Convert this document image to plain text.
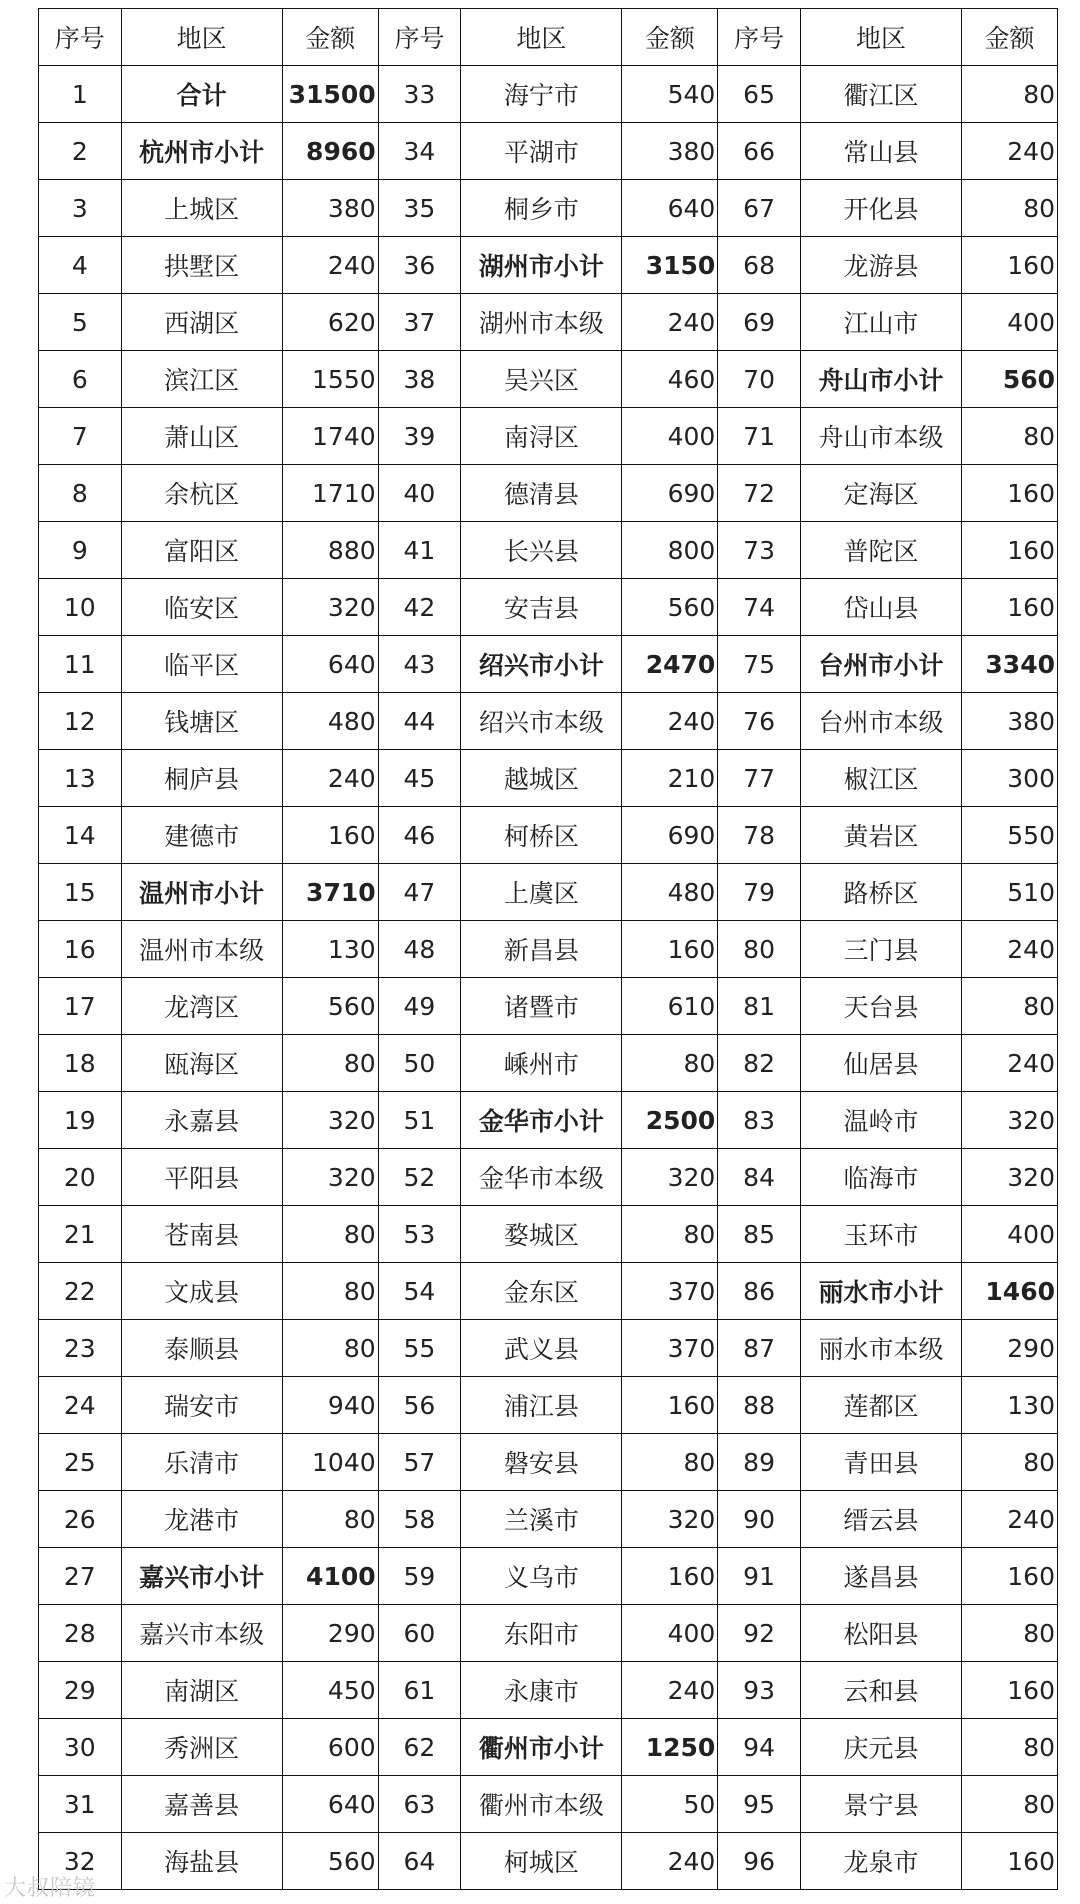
序号	地区	金额	序号	地区	金额	序号	地区	金额
1	合计	31500	33	海宁市	540	65	衢江区	80
2	杭州市小计	8960	34	平湖市	380	66	常山县	240
3	上城区	380	35	桐乡市	640	67	开化县	80
4	拱墅区	240	36	湖州市小计	3150	68	龙游县	160
5	西湖区	620	37	湖州市本级	240	69	江山市	400
6	滨江区	1550	38	吴兴区	460	70	舟山市小计	560
7	萧山区	1740	39	南浔区	400	71	舟山市本级	80
8	余杭区	1710	40	德清县	690	72	定海区	160
9	富阳区	880	41	长兴县	800	73	普陀区	160
10	临安区	320	42	安吉县	560	74	岱山县	160
11	临平区	640	43	绍兴市小计	2470	75	台州市小计	3340
12	钱塘区	480	44	绍兴市本级	240	76	台州市本级	380
13	桐庐县	240	45	越城区	210	77	椒江区	300
14	建德市	160	46	柯桥区	690	78	黄岩区	550
15	温州市小计	3710	47	上虞区	480	79	路桥区	510
16	温州市本级	130	48	新昌县	160	80	三门县	240
17	龙湾区	560	49	诸暨市	610	81	天台县	80
18	瓯海区	80	50	嵊州市	80	82	仙居县	240
19	永嘉县	320	51	金华市小计	2500	83	温岭市	320
20	平阳县	320	52	金华市本级	320	84	临海市	320
21	苍南县	80	53	婺城区	80	85	玉环市	400
22	文成县	80	54	金东区	370	86	丽水市小计	1460
23	泰顺县	80	55	武义县	370	87	丽水市本级	290
24	瑞安市	940	56	浦江县	160	88	莲都区	130
25	乐清市	1040	57	磐安县	80	89	青田县	80
26	龙港市	80	58	兰溪市	320	90	缙云县	240
27	嘉兴市小计	4100	59	义乌市	160	91	遂昌县	160
28	嘉兴市本级	290	60	东阳市	400	92	松阳县	80
29	南湖区	450	61	永康市	240	93	云和县	160
30	秀洲区	600	62	衢州市小计	1250	94	庆元县	80
31	嘉善县	640	63	衢州市本级	50	95	景宁县	80
32	海盐县	560	64	柯城区	240	96	龙泉市	160
大叔陪镜
